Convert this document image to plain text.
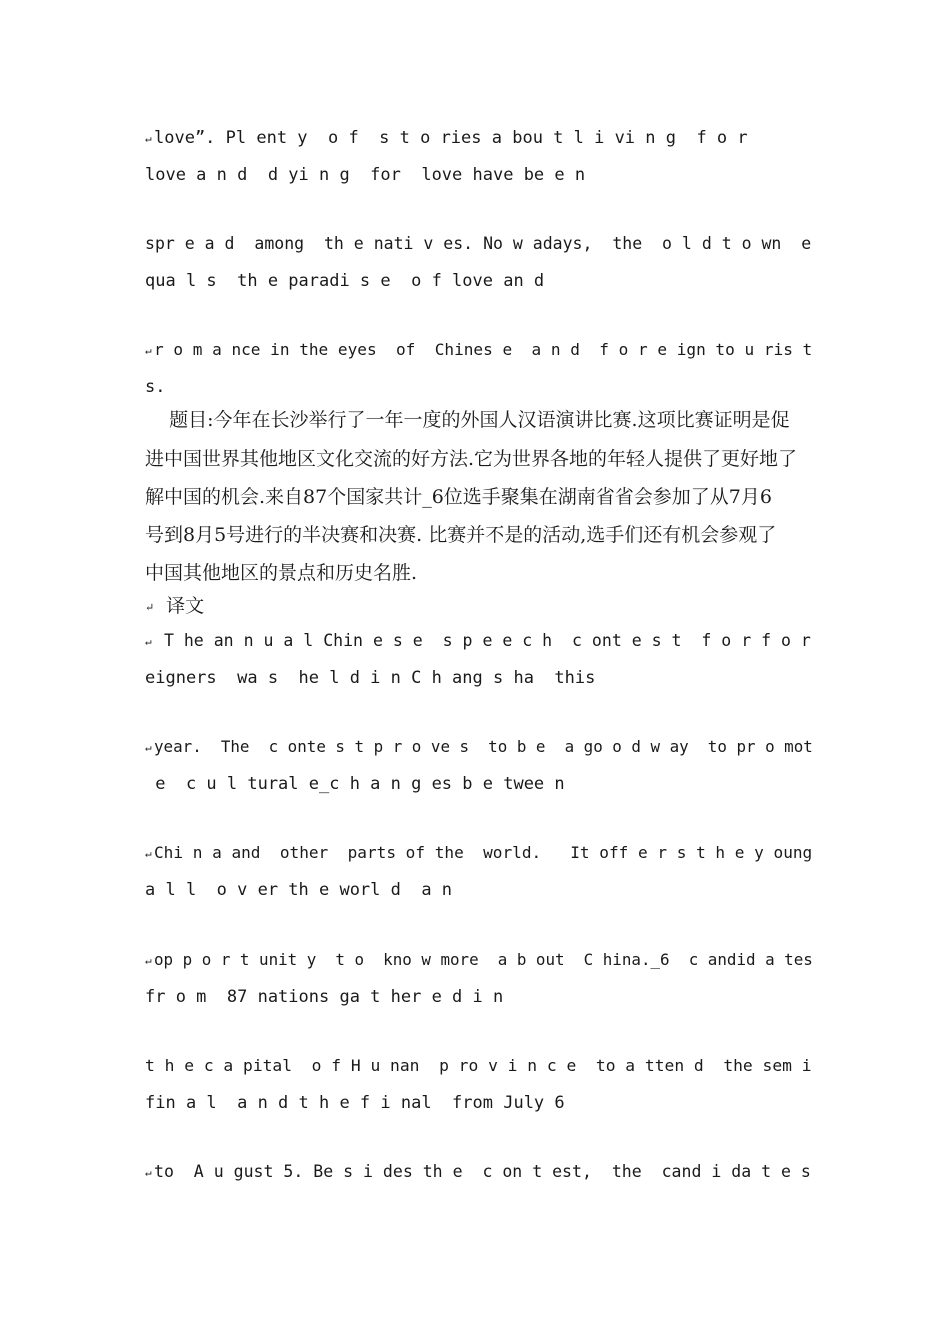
↵ love”. Pl ent y  o f  s t o ries a bou t l i vi n g  f o r
love a n d  d yi n g  for  love have be e n
spr e a d  among  th e nati v es. No w adays,  the  o l d t o wn  e
qua l s  th e paradi s e  o f love an d
↵ r o m a nce in the eyes  of  Chines e  a n d  f o r e ign to u ris t
s.
题目:今年在长沙举行了一年一度的外国人汉语演讲比赛.这项比赛证明是促
进中国世界其他地区文化交流的好方法.它为世界各地的年轻人提供了更好地了
解中国的机会.来自87个国家共计_6位选手聚集在湖南省省会参加了从7月6
号到8月5号进行的半决赛和决赛. 比赛并不是的活动,选手们还有机会参观了
中国其他地区的景点和历史名胜.
↵  译文
↵ T he an n u a l Chin e s e  s p e e c h  c ont e s t  f o r f o r
eigners  wa s  he l d i n C h ang s ha  this
↵ year.  The  c onte s t p r o ve s  to b e  a go o d w ay  to pr o mot
e  c u l tural e_c h a n g es b e twee n
↵ Chi n a and  other  parts of the  world.   It off e r s t h e y oung
a l l  o v er th e worl d  a n
↵ op p o r t unit y  t o  kno w more  a b out  C hina._6  c andid a tes
fr o m  87 nations ga t her e d i n
t h e c a pital  o f H u nan  p ro v i n c e  to a tten d  the sem i
fin a l  a n d t h e f i nal  from July 6
↵ to  A u gust 5. Be s i des th e  c on t est,  the  cand i da t e s
